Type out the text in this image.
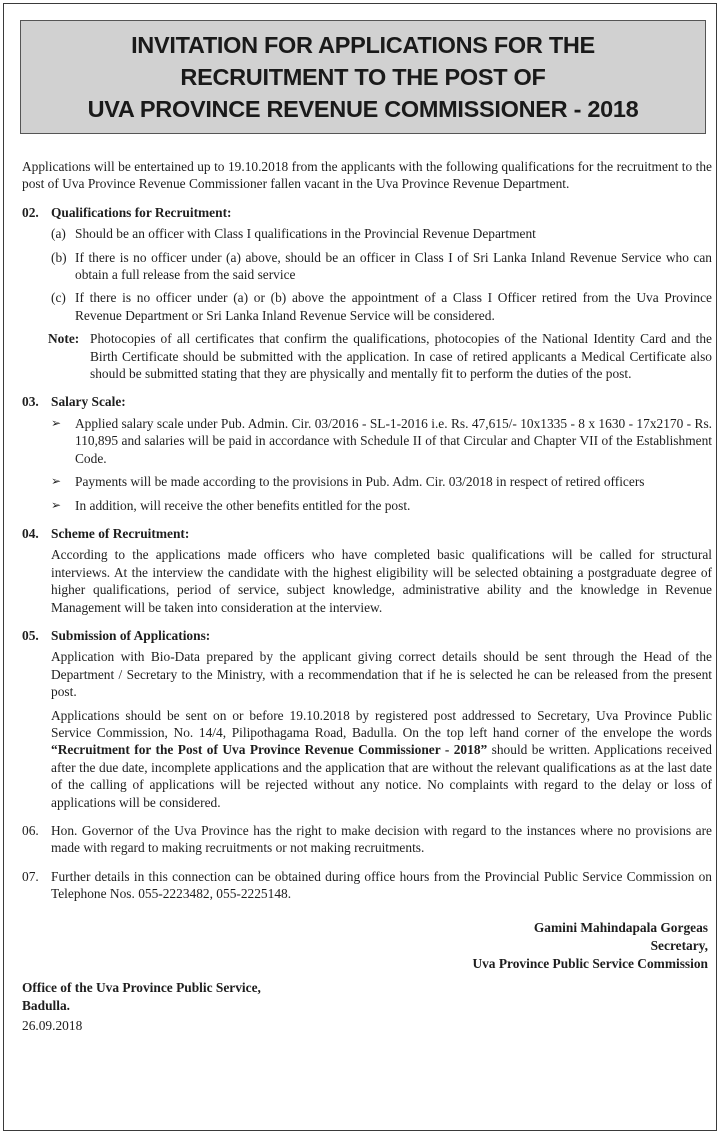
INVITATION FOR APPLICATIONS FOR THE
RECRUITMENT TO THE POST OF
UVA PROVINCE REVENUE COMMISSIONER - 2018

Applications will be entertained up to 19.10.2018 from the applicants with the following qualifications for the recruitment to the post of Uva Province Revenue Commissioner fallen vacant in the Uva Province Revenue Department.

02. Qualifications for Recruitment:
(a) Should be an officer with Class I qualifications in the Provincial Revenue Department
(b) If there is no officer under (a) above, should be an officer in Class I of Sri Lanka Inland Revenue Service who can obtain a full release from the said service
(c) If there is no officer under (a) or (b) above the appointment of a Class I Officer retired from the Uva Province Revenue Department or Sri Lanka Inland Revenue Service will be considered.
Note: Photocopies of all certificates that confirm the qualifications, photocopies of the National Identity Card and the Birth Certificate should be submitted with the application. In case of retired applicants a Medical Certificate also should be submitted stating that they are physically and mentally fit to perform the duties of the post.
03. Salary Scale:
➢	Applied salary scale under Pub. Admin. Cir. 03/2016 - SL-1-2016 i.e. Rs. 47,615/- 10x1335 - 8 x 1630 - 17x2170 - Rs. 110,895 and salaries will be paid in accordance with Schedule II of that Circular and Chapter VII of the Establishment Code.
➢	Payments will be made according to the provisions in Pub. Adm. Cir. 03/2018 in respect of retired officers
➢	In addition, will receive the other benefits entitled for the post.
04. Scheme of Recruitment:

According to the applications made officers who have completed basic qualifications will be called for structural interviews. At the interview the candidate with the highest eligibility will be selected obtaining a postgraduate degree of higher qualifications, period of service, subject knowledge, administrative ability and the knowledge in Revenue Management will be taken into consideration at the interview.

05. Submission of Applications:

Application with Bio-Data prepared by the applicant giving correct details should be sent through the Head of the Department / Secretary to the Ministry, with a recommendation that if he is selected he can be released from the present post.

Applications should be sent on or before 19.10.2018 by registered post addressed to Secretary, Uva Province Public Service Commission, No. 14/4, Pilipothagama Road, Badulla. On the top left hand corner of the envelope the words “Recruitment for the Post of Uva Province Revenue Commissioner - 2018” should be written. Applications received after the due date, incomplete applications and the application that are without the relevant qualifications as at the last date of the calling of applications will be rejected without any notice. No complaints with regard to the delay or loss of applications will be considered.

06. Hon. Governor of the Uva Province has the right to make decision with regard to the instances where no provisions are made with regard to making recruitments or not making recruitments.
07. Further details in this connection can be obtained during office hours from the Provincial Public Service Commission on Telephone Nos. 055-2223482, 055-2225148.
Gamini Mahindapala Gorgeas
Secretary,
Uva Province Public Service Commission
Office of the Uva Province Public Service,
Badulla.
26.09.2018
